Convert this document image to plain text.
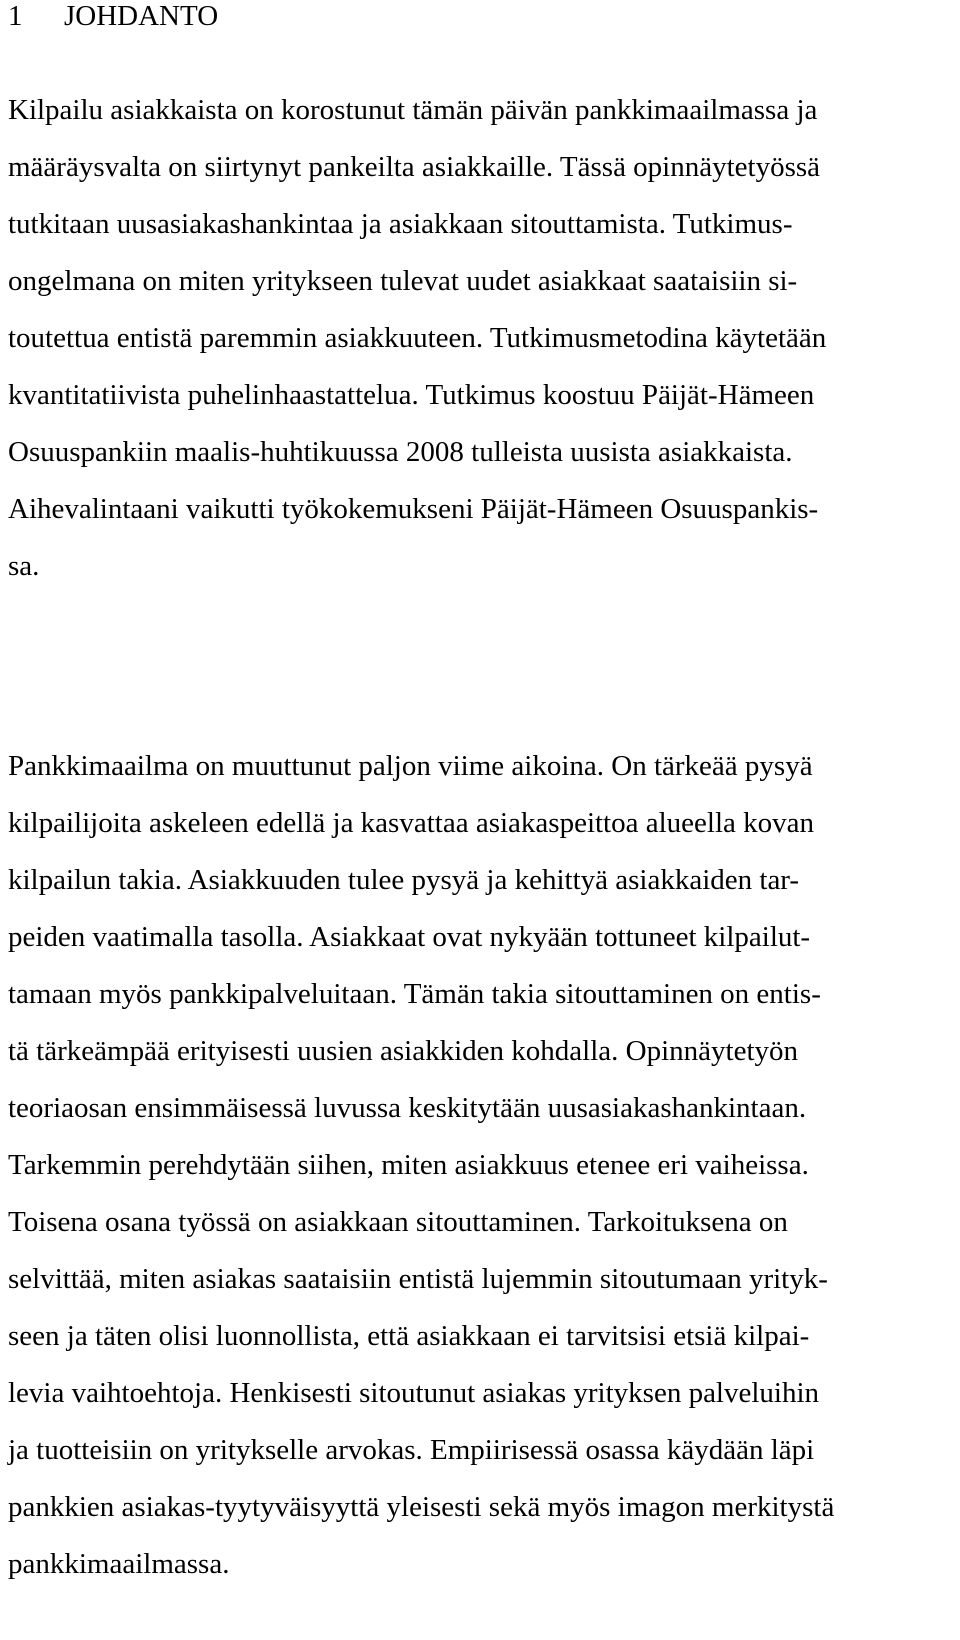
1 JOHDANTO
Kilpailu asiakkaista on korostunut tämän päivän pankkimaailmassa ja
määräysvalta on siirtynyt pankeilta asiakkaille. Tässä opinnäytetyössä
tutkitaan uusasiakashankintaa ja asiakkaan sitouttamista. Tutkimus-
ongelmana on miten yritykseen tulevat uudet asiakkaat saataisiin si-
toutettua entistä paremmin asiakkuuteen. Tutkimusmetodina käytetään
kvantitatiivista puhelinhaastattelua. Tutkimus koostuu Päijät-Hämeen
Osuuspankiin maalis-huhtikuussa 2008 tulleista uusista asiakkaista.
Aihevalintaani vaikutti työkokemukseni Päijät-Hämeen Osuuspankis-
sa.
Pankkimaailma on muuttunut paljon viime aikoina. On tärkeää pysyä
kilpailijoita askeleen edellä ja kasvattaa asiakaspeittoa alueella kovan
kilpailun takia. Asiakkuuden tulee pysyä ja kehittyä asiakkaiden tar-
peiden vaatimalla tasolla. Asiakkaat ovat nykyään tottuneet kilpailut-
tamaan myös pankkipalveluitaan. Tämän takia sitouttaminen on entis-
tä tärkeämpää erityisesti uusien asiakkiden kohdalla. Opinnäytetyön
teoriaosan ensimmäisessä luvussa keskitytään uusasiakashankintaan.
Tarkemmin perehdytään siihen, miten asiakkuus etenee eri vaiheissa.
Toisena osana työssä on asiakkaan sitouttaminen. Tarkoituksena on
selvittää, miten asiakas saataisiin entistä lujemmin sitoutumaan yrityk-
seen ja täten olisi luonnollista, että asiakkaan ei tarvitsisi etsiä kilpai-
levia vaihtoehtoja. Henkisesti sitoutunut asiakas yrityksen palveluihin
ja tuotteisiin on yritykselle arvokas. Empiirisessä osassa käydään läpi
pankkien asiakas-tyytyväisyyttä yleisesti sekä myös imagon merkitystä
pankkimaailmassa.
